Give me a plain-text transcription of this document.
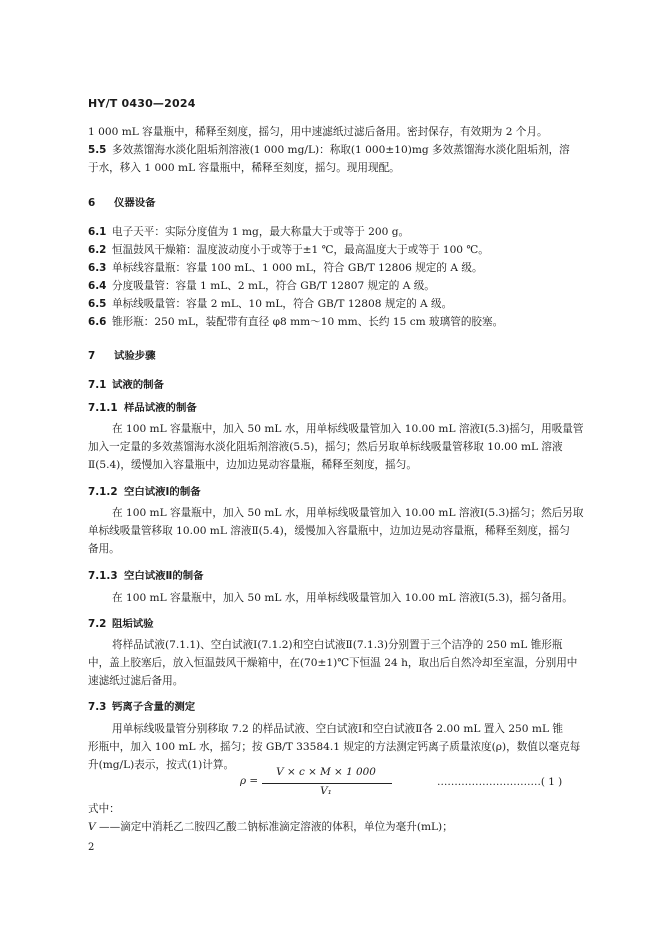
HY/T 0430—2024
1 000 mL 容量瓶中，稀释至刻度，摇匀，用中速滤纸过滤后备用。密封保存，有效期为 2 个月。
5.5 多效蒸馏海水淡化阻垢剂溶液(1 000 mg/L)：称取(1 000±10)mg 多效蒸馏海水淡化阻垢剂，溶
于水，移入 1 000 mL 容量瓶中，稀释至刻度，摇匀。现用现配。
6 仪器设备
6.1 电子天平：实际分度值为 1 mg，最大称量大于或等于 200 g。
6.2 恒温鼓风干燥箱：温度波动度小于或等于±1 ℃，最高温度大于或等于 100 ℃。
6.3 单标线容量瓶：容量 100 mL、1 000 mL，符合 GB/T 12806 规定的 A 级。
6.4 分度吸量管：容量 1 mL、2 mL，符合 GB/T 12807 规定的 A 级。
6.5 单标线吸量管：容量 2 mL、10 mL，符合 GB/T 12808 规定的 A 级。
6.6 锥形瓶：250 mL，装配带有直径 φ8 mm～10 mm、长约 15 cm 玻璃管的胶塞。
7 试验步骤
7.1 试液的制备
7.1.1 样品试液的制备
在 100 mL 容量瓶中，加入 50 mL 水，用单标线吸量管加入 10.00 mL 溶液Ⅰ(5.3)摇匀，用吸量管
加入一定量的多效蒸馏海水淡化阻垢剂溶液(5.5)，摇匀；然后另取单标线吸量管移取 10.00 mL 溶液
Ⅱ(5.4)，缓慢加入容量瓶中，边加边晃动容量瓶，稀释至刻度，摇匀。
7.1.2 空白试液Ⅰ的制备
在 100 mL 容量瓶中，加入 50 mL 水，用单标线吸量管加入 10.00 mL 溶液Ⅰ(5.3)摇匀；然后另取
单标线吸量管移取 10.00 mL 溶液Ⅱ(5.4)，缓慢加入容量瓶中，边加边晃动容量瓶，稀释至刻度，摇匀
备用。
7.1.3 空白试液Ⅱ的制备
在 100 mL 容量瓶中，加入 50 mL 水，用单标线吸量管加入 10.00 mL 溶液Ⅰ(5.3)，摇匀备用。
7.2 阻垢试验
将样品试液(7.1.1)、空白试液Ⅰ(7.1.2)和空白试液Ⅱ(7.1.3)分别置于三个洁净的 250 mL 锥形瓶
中，盖上胶塞后，放入恒温鼓风干燥箱中，在(70±1)℃下恒温 24 h，取出后自然冷却至室温，分别用中
速滤纸过滤后备用。
7.3 钙离子含量的测定
用单标线吸量管分别移取 7.2 的样品试液、空白试液Ⅰ和空白试液Ⅱ各 2.00 mL 置入 250 mL 锥
形瓶中，加入 100 mL 水，摇匀；按 GB/T 33584.1 规定的方法测定钙离子质量浓度(ρ)，数值以毫克每
升(mg/L)表示，按式(1)计算。
ρ =
V × c × M × 1 000
V₁
…………………………( 1 )
式中：
V ——滴定中消耗乙二胺四乙酸二钠标准滴定溶液的体积，单位为毫升(mL)；
2
